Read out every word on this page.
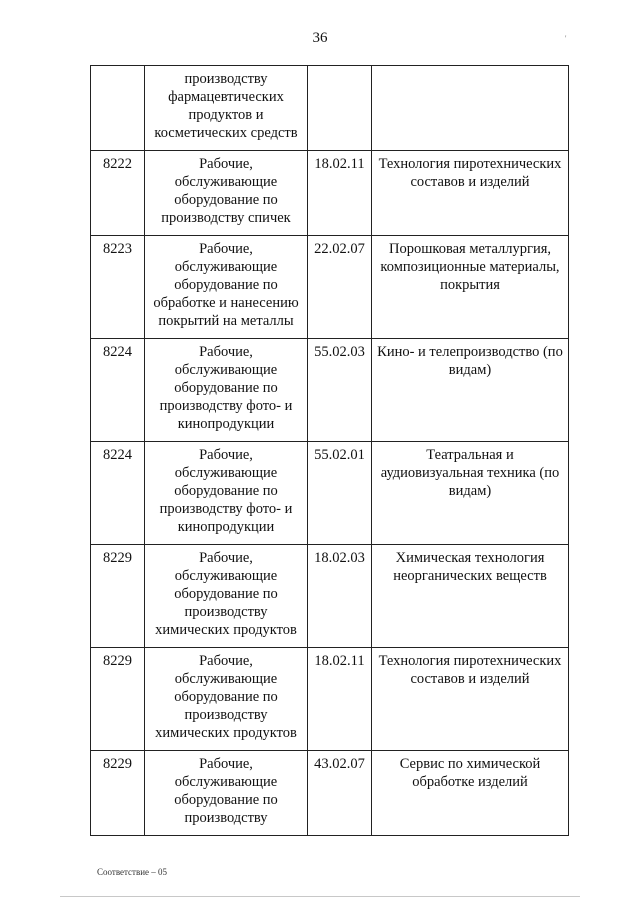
36	'
	производству фармацевтических продуктов и косметических средств		
8222	Рабочие, обслуживающие оборудование по производству спичек	18.02.11	Технология пиротехнических составов и изделий
8223	Рабочие, обслуживающие оборудование по обработке и нанесению покрытий на металлы	22.02.07	Порошковая металлургия, композиционные материалы, покрытия
8224	Рабочие, обслуживающие оборудование по производству фото- и кинопродукции	55.02.03	Кино- и телепроизводство (по видам)
8224	Рабочие, обслуживающие оборудование по производству фото- и кинопродукции	55.02.01	Театральная и аудиовизуальная техника (по видам)
8229	Рабочие, обслуживающие оборудование по производству химических продуктов	18.02.03	Химическая технология неорганических веществ
8229	Рабочие, обслуживающие оборудование по производству химических продуктов	18.02.11	Технология пиротехнических составов и изделий
8229	Рабочие, обслуживающие оборудование по производству	43.02.07	Сервис по химической обработке изделий
Соответствие – 05
